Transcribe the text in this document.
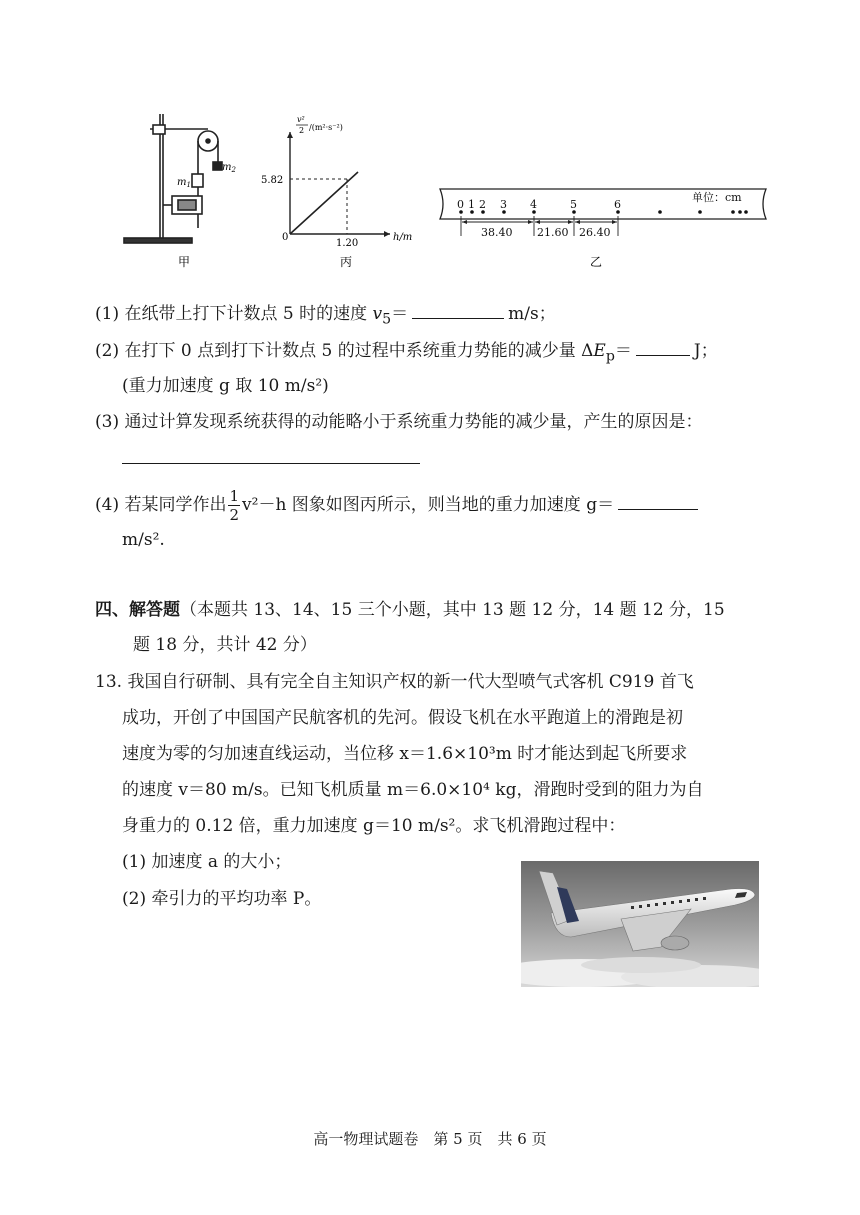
$m_2$
$m_1$
甲
v²
2 /(m²·s⁻²)
5.82
0
1.20
h/m
丙
0 1 2 3 4	5	6
单位：cm
38.40 21.60 26.40
乙
(1) 在纸带上打下计数点 5 时的速度 $v_5=$	m/s；
(2) 在打下 0 点到打下计数点 5 的过程中系统重力势能的减少量 $\Delta E_p=$	J；
(重力加速度 g 取 10 m/s²)
(3) 通过计算发现系统获得的动能略小于系统重力势能的减少量，产生的原因是：
(4) 若某同学作出 $\frac{1}{2} v^2-h$ 图象如图丙所示，则当地的重力加速度 g＝
m/s².
四、解答题（本题共 13、14、15 三个小题，其中 13 题 12 分，14 题 12 分，15
题 18 分，共计 42 分）
13. 我国自行研制、具有完全自主知识产权的新一代大型喷气式客机 C919 首飞
成功，开创了中国国产民航客机的先河。假设飞机在水平跑道上的滑跑是初
速度为零的匀加速直线运动，当位移 x＝1.6×10³m 时才能达到起飞所要求
的速度 v＝80 m/s。已知飞机质量 m＝6.0×10⁴ kg，滑跑时受到的阻力为自
身重力的 0.12 倍，重力加速度 g＝10 m/s²。求飞机滑跑过程中：
(1) 加速度 a 的大小；
(2) 牵引力的平均功率 P。
高一物理试题卷　第 5 页　共 6 页
